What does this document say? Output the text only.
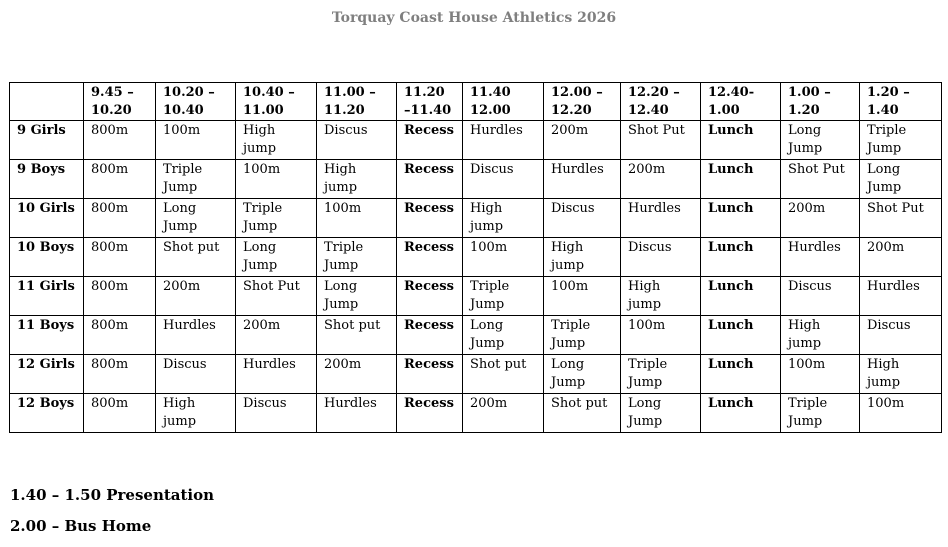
Torquay Coast House Athletics 2026
	9.45 – 10.20	10.20 – 10.40	10.40 – 11.00	11.00 – 11.20	11.20 –11.40	11.40 12.00	12.00 – 12.20	12.20 – 12.40	12.40-1.00	1.00 – 1.20	1.20 – 1.40
9 Girls	800m	100m	High jump	Discus	Recess	Hurdles	200m	Shot Put	Lunch	Long Jump	Triple Jump
9 Boys	800m	Triple Jump	100m	High jump	Recess	Discus	Hurdles	200m	Lunch	Shot Put	Long Jump
10 Girls	800m	Long Jump	Triple Jump	100m	Recess	High jump	Discus	Hurdles	Lunch	200m	Shot Put
10 Boys	800m	Shot put	Long Jump	Triple Jump	Recess	100m	High jump	Discus	Lunch	Hurdles	200m
11 Girls	800m	200m	Shot Put	Long Jump	Recess	Triple Jump	100m	High jump	Lunch	Discus	Hurdles
11 Boys	800m	Hurdles	200m	Shot put	Recess	Long Jump	Triple Jump	100m	Lunch	High jump	Discus
12 Girls	800m	Discus	Hurdles	200m	Recess	Shot put	Long Jump	Triple Jump	Lunch	100m	High jump
12 Boys	800m	High jump	Discus	Hurdles	Recess	200m	Shot put	Long Jump	Lunch	Triple Jump	100m
1.40 – 1.50 Presentation
2.00 – Bus Home
